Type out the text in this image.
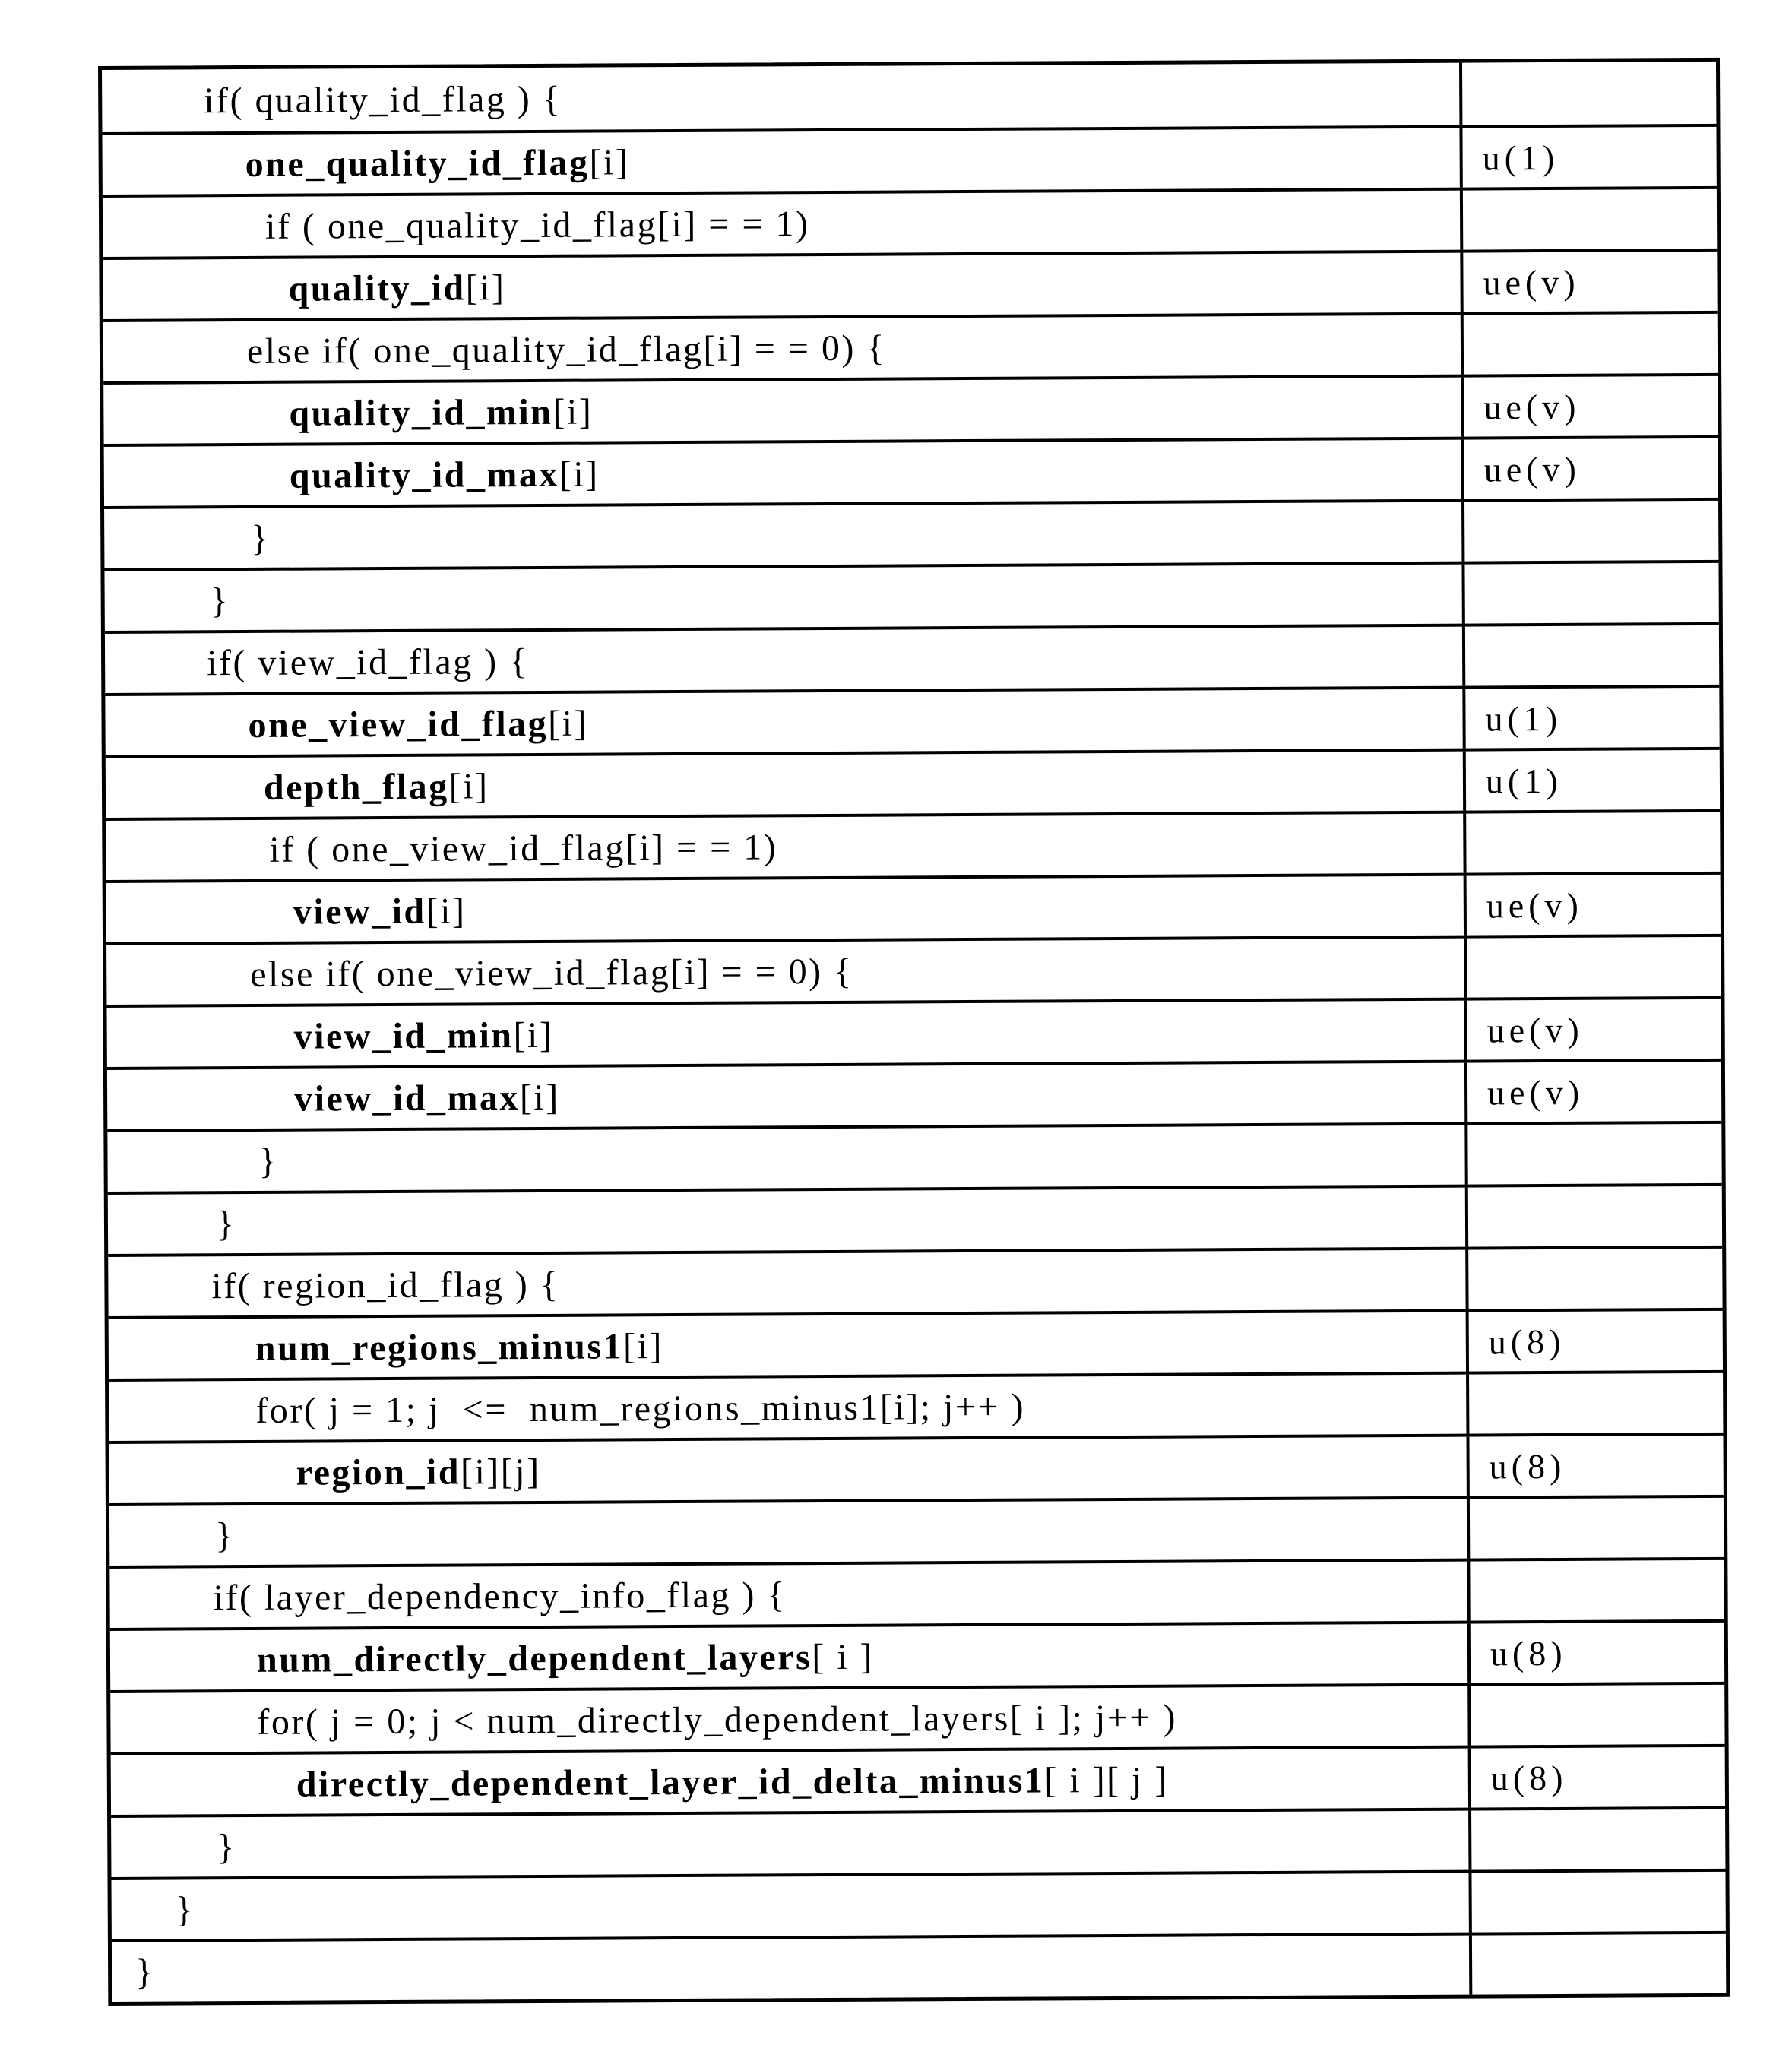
if( quality_id_flag ) {
one_quality_id_flag [i]	u(1)
if ( one_quality_id_flag[i] = = 1)
quality_id [i]	ue(v)
else if( one_quality_id_flag[i] = = 0) {
quality_id_min [i]	ue(v)
quality_id_max [i]	ue(v)
}
}
if( view_id_flag ) {
one_view_id_flag [i]	u(1)
depth_flag [i]	u(1)
if ( one_view_id_flag[i] = = 1)
view_id [i]	ue(v)
else if( one_view_id_flag[i] = = 0) {
view_id_min [i]	ue(v)
view_id_max [i]	ue(v)
}
}
if( region_id_flag ) {
num_regions_minus1 [i]	u(8)
for( j = 1; j  <=  num_regions_minus1[i]; j++ )
region_id [i][j]	u(8)
}
if( layer_dependency_info_flag ) {
num_directly_dependent_layers [ i ]	u(8)
for( j = 0; j < num_directly_dependent_layers[ i ]; j++ )
directly_dependent_layer_id_delta_minus1 [ i ][ j ]	u(8)
}
}
}
